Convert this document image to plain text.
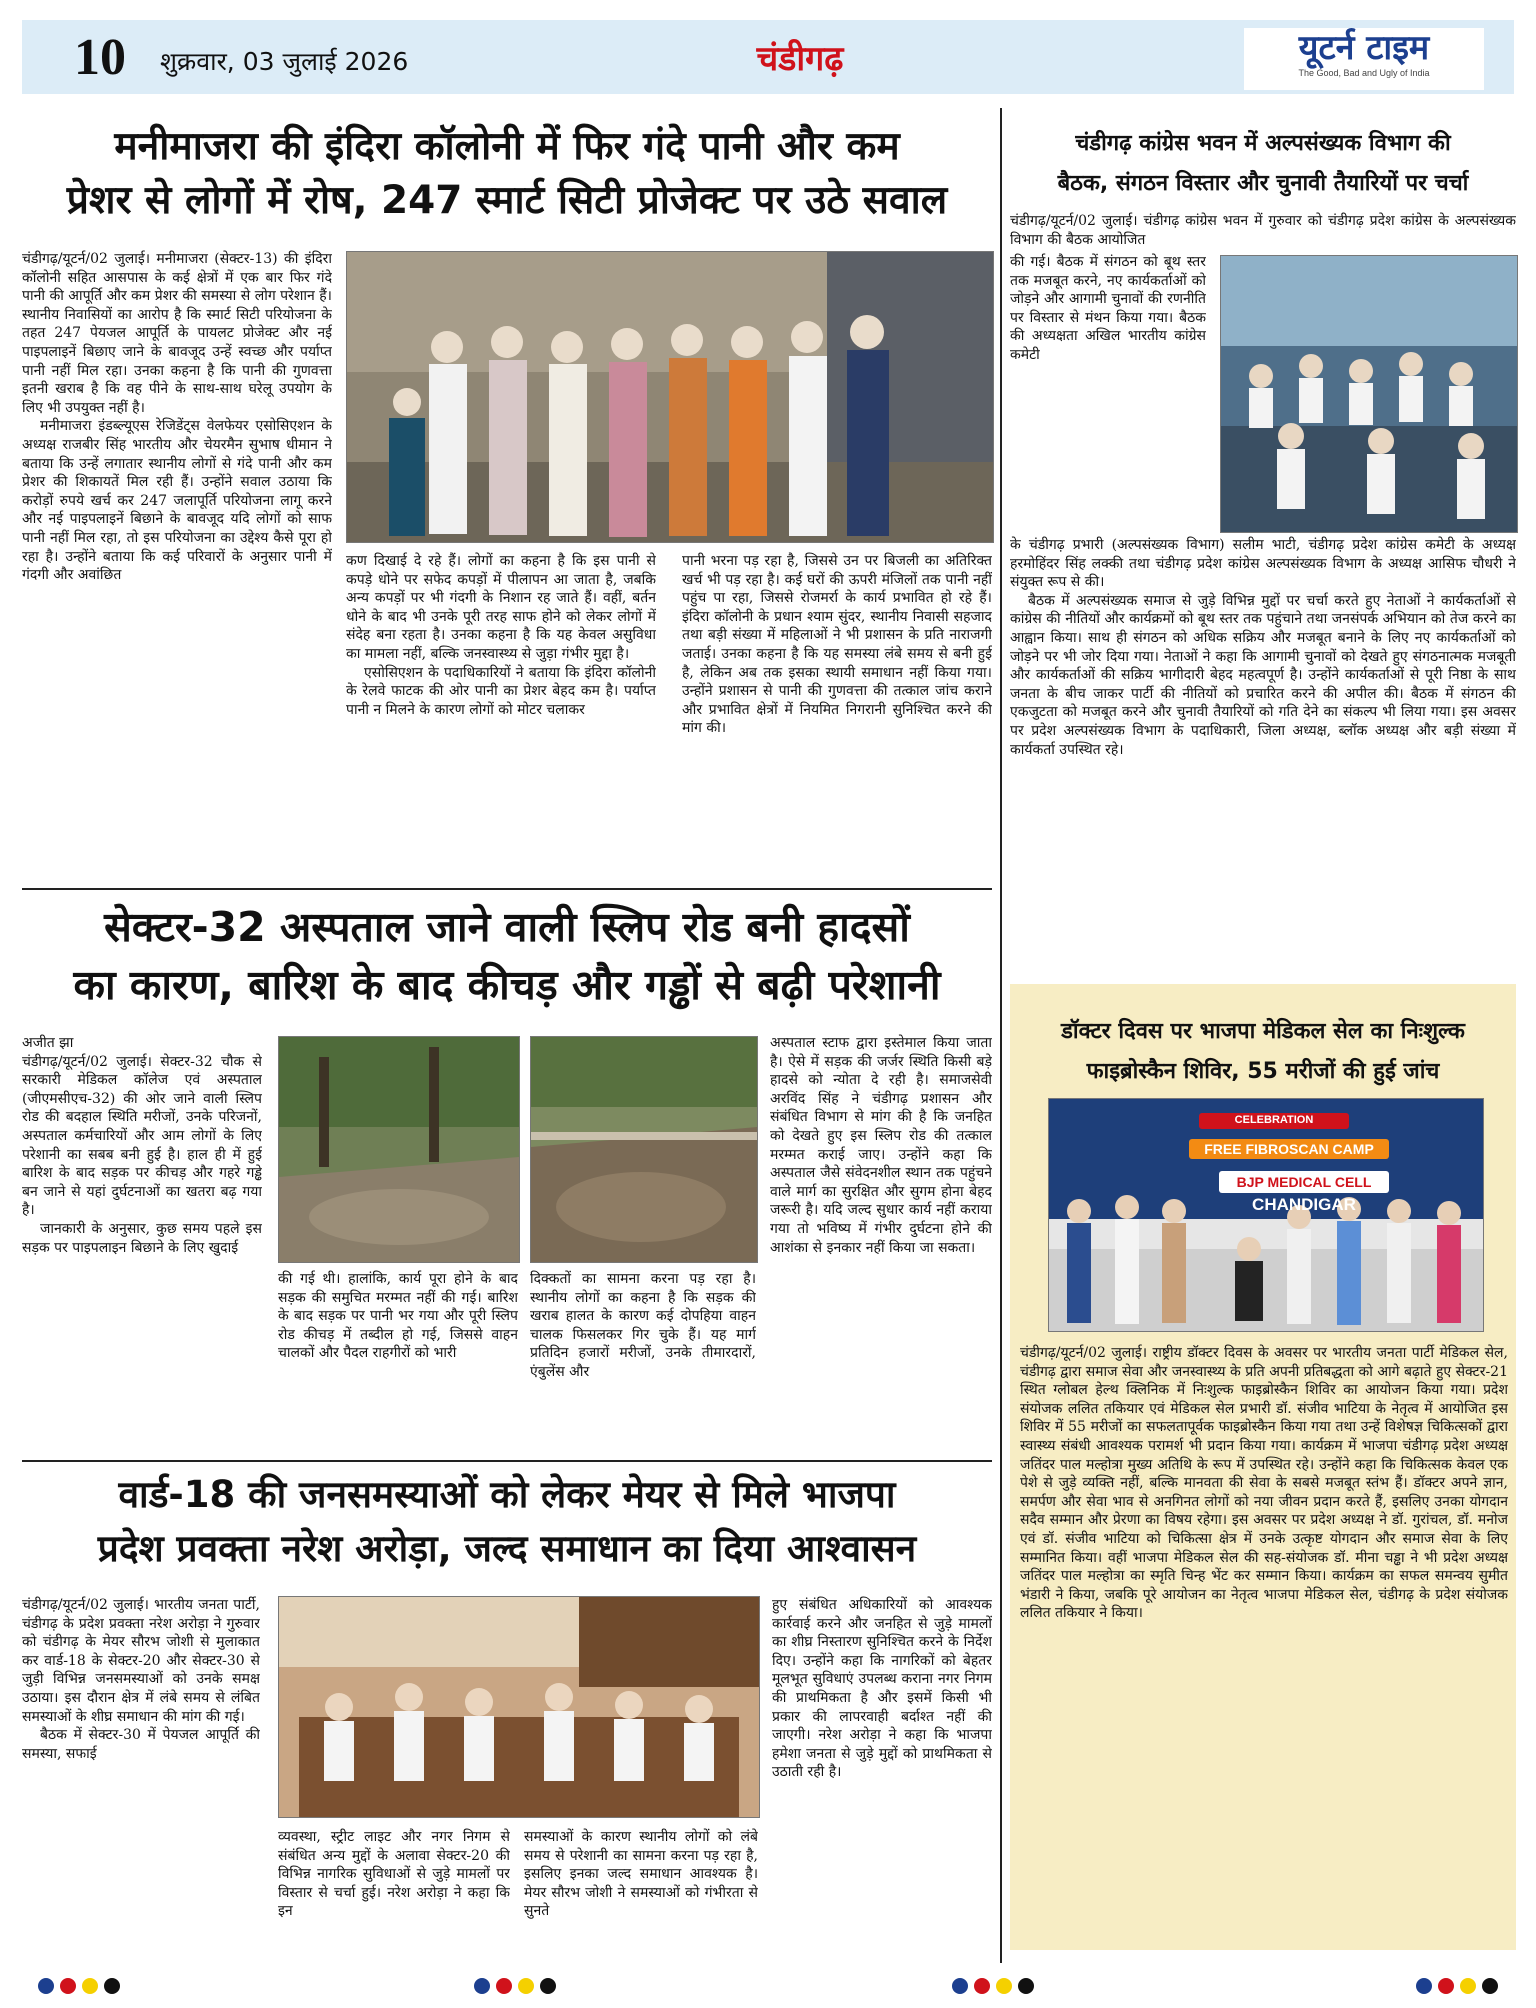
10 शुक्रवार, 03 जुलाई 2026	चंडीगढ़	यूटर्न टाइम
The Good, Bad and Ugly of India
मनीमाजरा की इंदिरा कॉलोनी में फिर गंदे पानी और कम
प्रेशर से लोगों में रोष, 247 स्मार्ट सिटी प्रोजेक्ट पर उठे सवाल

चंडीगढ़/यूटर्न/02 जुलाई। मनीमाजरा (सेक्टर-13) की इंदिरा कॉलोनी सहित आसपास के कई क्षेत्रों में एक बार फिर गंदे पानी की आपूर्ति और कम प्रेशर की समस्या से लोग परेशान हैं। स्थानीय निवासियों का आरोप है कि स्मार्ट सिटी परियोजना के तहत 247 पेयजल आपूर्ति के पायलट प्रोजेक्ट और नई पाइपलाइनें बिछाए जाने के बावजूद उन्हें स्वच्छ और पर्याप्त पानी नहीं मिल रहा। उनका कहना है कि पानी की गुणवत्ता इतनी खराब है कि वह पीने के साथ-साथ घरेलू उपयोग के लिए भी उपयुक्त नहीं है।

मनीमाजरा इंडब्ल्यूएस रेजिडेंट्स वेलफेयर एसोसिएशन के अध्यक्ष राजबीर सिंह भारतीय और चेयरमैन सुभाष धीमान ने बताया कि उन्हें लगातार स्थानीय लोगों से गंदे पानी और कम प्रेशर की शिकायतें मिल रही हैं। उन्होंने सवाल उठाया कि करोड़ों रुपये खर्च कर 247 जलापूर्ति परियोजना लागू करने और नई पाइपलाइनें बिछाने के बावजूद यदि लोगों को साफ पानी नहीं मिल रहा, तो इस परियोजना का उद्देश्य कैसे पूरा हो रहा है। उन्होंने बताया कि कई परिवारों के अनुसार पानी में गंदगी और अवांछित

कण दिखाई दे रहे हैं। लोगों का कहना है कि इस पानी से कपड़े धोने पर सफेद कपड़ों में पीलापन आ जाता है, जबकि अन्य कपड़ों पर भी गंदगी के निशान रह जाते हैं। वहीं, बर्तन धोने के बाद भी उनके पूरी तरह साफ होने को लेकर लोगों में संदेह बना रहता है। उनका कहना है कि यह केवल असुविधा का मामला नहीं, बल्कि जनस्वास्थ्य से जुड़ा गंभीर मुद्दा है।

एसोसिएशन के पदाधिकारियों ने बताया कि इंदिरा कॉलोनी के रेलवे फाटक की ओर पानी का प्रेशर बेहद कम है। पर्याप्त पानी न मिलने के कारण लोगों को मोटर चलाकर

पानी भरना पड़ रहा है, जिससे उन पर बिजली का अतिरिक्त खर्च भी पड़ रहा है। कई घरों की ऊपरी मंजिलों तक पानी नहीं पहुंच पा रहा, जिससे रोजमर्रा के कार्य प्रभावित हो रहे हैं। इंदिरा कॉलोनी के प्रधान श्याम सुंदर, स्थानीय निवासी सहजाद तथा बड़ी संख्या में महिलाओं ने भी प्रशासन के प्रति नाराजगी जताई। उनका कहना है कि यह समस्या लंबे समय से बनी हुई है, लेकिन अब तक इसका स्थायी समाधान नहीं किया गया। उन्होंने प्रशासन से पानी की गुणवत्ता की तत्काल जांच कराने और प्रभावित क्षेत्रों में नियमित निगरानी सुनिश्चित करने की मांग की।

सेक्टर-32 अस्पताल जाने वाली स्लिप रोड बनी हादसों
का कारण, बारिश के बाद कीचड़ और गड्ढों से बढ़ी परेशानी

अजीत झा

चंडीगढ़/यूटर्न/02 जुलाई। सेक्टर-32 चौक से सरकारी मेडिकल कॉलेज एवं अस्पताल (जीएमसीएच-32) की ओर जाने वाली स्लिप रोड की बदहाल स्थिति मरीजों, उनके परिजनों, अस्पताल कर्मचारियों और आम लोगों के लिए परेशानी का सबब बनी हुई है। हाल ही में हुई बारिश के बाद सड़क पर कीचड़ और गहरे गड्ढे बन जाने से यहां दुर्घटनाओं का खतरा बढ़ गया है।

जानकारी के अनुसार, कुछ समय पहले इस सड़क पर पाइपलाइन बिछाने के लिए खुदाई

की गई थी। हालांकि, कार्य पूरा होने के बाद सड़क की समुचित मरम्मत नहीं की गई। बारिश के बाद सड़क पर पानी भर गया और पूरी स्लिप रोड कीचड़ में तब्दील हो गई, जिससे वाहन चालकों और पैदल राहगीरों को भारी

दिक्कतों का सामना करना पड़ रहा है। स्थानीय लोगों का कहना है कि सड़क की खराब हालत के कारण कई दोपहिया वाहन चालक फिसलकर गिर चुके हैं। यह मार्ग प्रतिदिन हजारों मरीजों, उनके तीमारदारों, एंबुलेंस और

अस्पताल स्टाफ द्वारा इस्तेमाल किया जाता है। ऐसे में सड़क की जर्जर स्थिति किसी बड़े हादसे को न्योता दे रही है। समाजसेवी अरविंद सिंह ने चंडीगढ़ प्रशासन और संबंधित विभाग से मांग की है कि जनहित को देखते हुए इस स्लिप रोड की तत्काल मरम्मत कराई जाए। उन्होंने कहा कि अस्पताल जैसे संवेदनशील स्थान तक पहुंचने वाले मार्ग का सुरक्षित और सुगम होना बेहद जरूरी है। यदि जल्द सुधार कार्य नहीं कराया गया तो भविष्य में गंभीर दुर्घटना होने की आशंका से इनकार नहीं किया जा सकता।

वार्ड-18 की जनसमस्याओं को लेकर मेयर से मिले भाजपा
प्रदेश प्रवक्ता नरेश अरोड़ा, जल्द समाधान का दिया आश्वासन

चंडीगढ़/यूटर्न/02 जुलाई। भारतीय जनता पार्टी, चंडीगढ़ के प्रदेश प्रवक्ता नरेश अरोड़ा ने गुरुवार को चंडीगढ़ के मेयर सौरभ जोशी से मुलाकात कर वार्ड-18 के सेक्टर-20 और सेक्टर-30 से जुड़ी विभिन्न जनसमस्याओं को उनके समक्ष उठाया। इस दौरान क्षेत्र में लंबे समय से लंबित समस्याओं के शीघ्र समाधान की मांग की गई।

बैठक में सेक्टर-30 में पेयजल आपूर्ति की समस्या, सफाई

व्यवस्था, स्ट्रीट लाइट और नगर निगम से संबंधित अन्य मुद्दों के अलावा सेक्टर-20 की विभिन्न नागरिक सुविधाओं से जुड़े मामलों पर विस्तार से चर्चा हुई। नरेश अरोड़ा ने कहा कि इन

समस्याओं के कारण स्थानीय लोगों को लंबे समय से परेशानी का सामना करना पड़ रहा है, इसलिए इनका जल्द समाधान आवश्यक है। मेयर सौरभ जोशी ने समस्याओं को गंभीरता से सुनते

हुए संबंधित अधिकारियों को आवश्यक कार्रवाई करने और जनहित से जुड़े मामलों का शीघ्र निस्तारण सुनिश्चित करने के निर्देश दिए। उन्होंने कहा कि नागरिकों को बेहतर मूलभूत सुविधाएं उपलब्ध कराना नगर निगम की प्राथमिकता है और इसमें किसी भी प्रकार की लापरवाही बर्दाश्त नहीं की जाएगी। नरेश अरोड़ा ने कहा कि भाजपा हमेशा जनता से जुड़े मुद्दों को प्राथमिकता से उठाती रही है।

चंडीगढ़ कांग्रेस भवन में अल्पसंख्यक विभाग की
बैठक, संगठन विस्तार और चुनावी तैयारियों पर चर्चा

चंडीगढ़/यूटर्न/02 जुलाई। चंडीगढ़ कांग्रेस भवन में गुरुवार को चंडीगढ़ प्रदेश कांग्रेस के अल्पसंख्यक विभाग की बैठक आयोजित

की गई। बैठक में संगठन को बूथ स्तर तक मजबूत करने, नए कार्यकर्ताओं को जोड़ने और आगामी चुनावों की रणनीति पर विस्तार से मंथन किया गया। बैठक की अध्यक्षता अखिल भारतीय कांग्रेस कमेटी

के चंडीगढ़ प्रभारी (अल्पसंख्यक विभाग) सलीम भाटी, चंडीगढ़ प्रदेश कांग्रेस कमेटी के अध्यक्ष हरमोहिंदर सिंह लक्की तथा चंडीगढ़ प्रदेश कांग्रेस अल्पसंख्यक विभाग के अध्यक्ष आसिफ चौधरी ने संयुक्त रूप से की।

बैठक में अल्पसंख्यक समाज से जुड़े विभिन्न मुद्दों पर चर्चा करते हुए नेताओं ने कार्यकर्ताओं से कांग्रेस की नीतियों और कार्यक्रमों को बूथ स्तर तक पहुंचाने तथा जनसंपर्क अभियान को तेज करने का आह्वान किया। साथ ही संगठन को अधिक सक्रिय और मजबूत बनाने के लिए नए कार्यकर्ताओं को जोड़ने पर भी जोर दिया गया। नेताओं ने कहा कि आगामी चुनावों को देखते हुए संगठनात्मक मजबूती और कार्यकर्ताओं की सक्रिय भागीदारी बेहद महत्वपूर्ण है। उन्होंने कार्यकर्ताओं से पूरी निष्ठा के साथ जनता के बीच जाकर पार्टी की नीतियों को प्रचारित करने की अपील की। बैठक में संगठन की एकजुटता को मजबूत करने और चुनावी तैयारियों को गति देने का संकल्प भी लिया गया। इस अवसर पर प्रदेश अल्पसंख्यक विभाग के पदाधिकारी, जिला अध्यक्ष, ब्लॉक अध्यक्ष और बड़ी संख्या में कार्यकर्ता उपस्थित रहे।

डॉक्टर दिवस पर भाजपा मेडिकल सेल का निःशुल्क
फाइब्रोस्कैन शिविर, 55 मरीजों की हुई जांच
CELEBRATION
FREE FIBROSCAN CAMP
BJP MEDICAL CELL
CHANDIGAR

चंडीगढ़/यूटर्न/02 जुलाई। राष्ट्रीय डॉक्टर दिवस के अवसर पर भारतीय जनता पार्टी मेडिकल सेल, चंडीगढ़ द्वारा समाज सेवा और जनस्वास्थ्य के प्रति अपनी प्रतिबद्धता को आगे बढ़ाते हुए सेक्टर-21 स्थित ग्लोबल हेल्थ क्लिनिक में निःशुल्क फाइब्रोस्कैन शिविर का आयोजन किया गया। प्रदेश संयोजक ललित तकियार एवं मेडिकल सेल प्रभारी डॉ. संजीव भाटिया के नेतृत्व में आयोजित इस शिविर में 55 मरीजों का सफलतापूर्वक फाइब्रोस्कैन किया गया तथा उन्हें विशेषज्ञ चिकित्सकों द्वारा स्वास्थ्य संबंधी आवश्यक परामर्श भी प्रदान किया गया। कार्यक्रम में भाजपा चंडीगढ़ प्रदेश अध्यक्ष जतिंदर पाल मल्होत्रा मुख्य अतिथि के रूप में उपस्थित रहे। उन्होंने कहा कि चिकित्सक केवल एक पेशे से जुड़े व्यक्ति नहीं, बल्कि मानवता की सेवा के सबसे मजबूत स्तंभ हैं। डॉक्टर अपने ज्ञान, समर्पण और सेवा भाव से अनगिनत लोगों को नया जीवन प्रदान करते हैं, इसलिए उनका योगदान सदैव सम्मान और प्रेरणा का विषय रहेगा। इस अवसर पर प्रदेश अध्यक्ष ने डॉ. गुरांचल, डॉ. मनोज एवं डॉ. संजीव भाटिया को चिकित्सा क्षेत्र में उनके उत्कृष्ट योगदान और समाज सेवा के लिए सम्मानित किया। वहीं भाजपा मेडिकल सेल की सह-संयोजक डॉ. मीना चड्ढा ने भी प्रदेश अध्यक्ष जतिंदर पाल मल्होत्रा का स्मृति चिन्ह भेंट कर सम्मान किया। कार्यक्रम का सफल समन्वय सुमीत भंडारी ने किया, जबकि पूरे आयोजन का नेतृत्व भाजपा मेडिकल सेल, चंडीगढ़ के प्रदेश संयोजक ललित तकियार ने किया।
